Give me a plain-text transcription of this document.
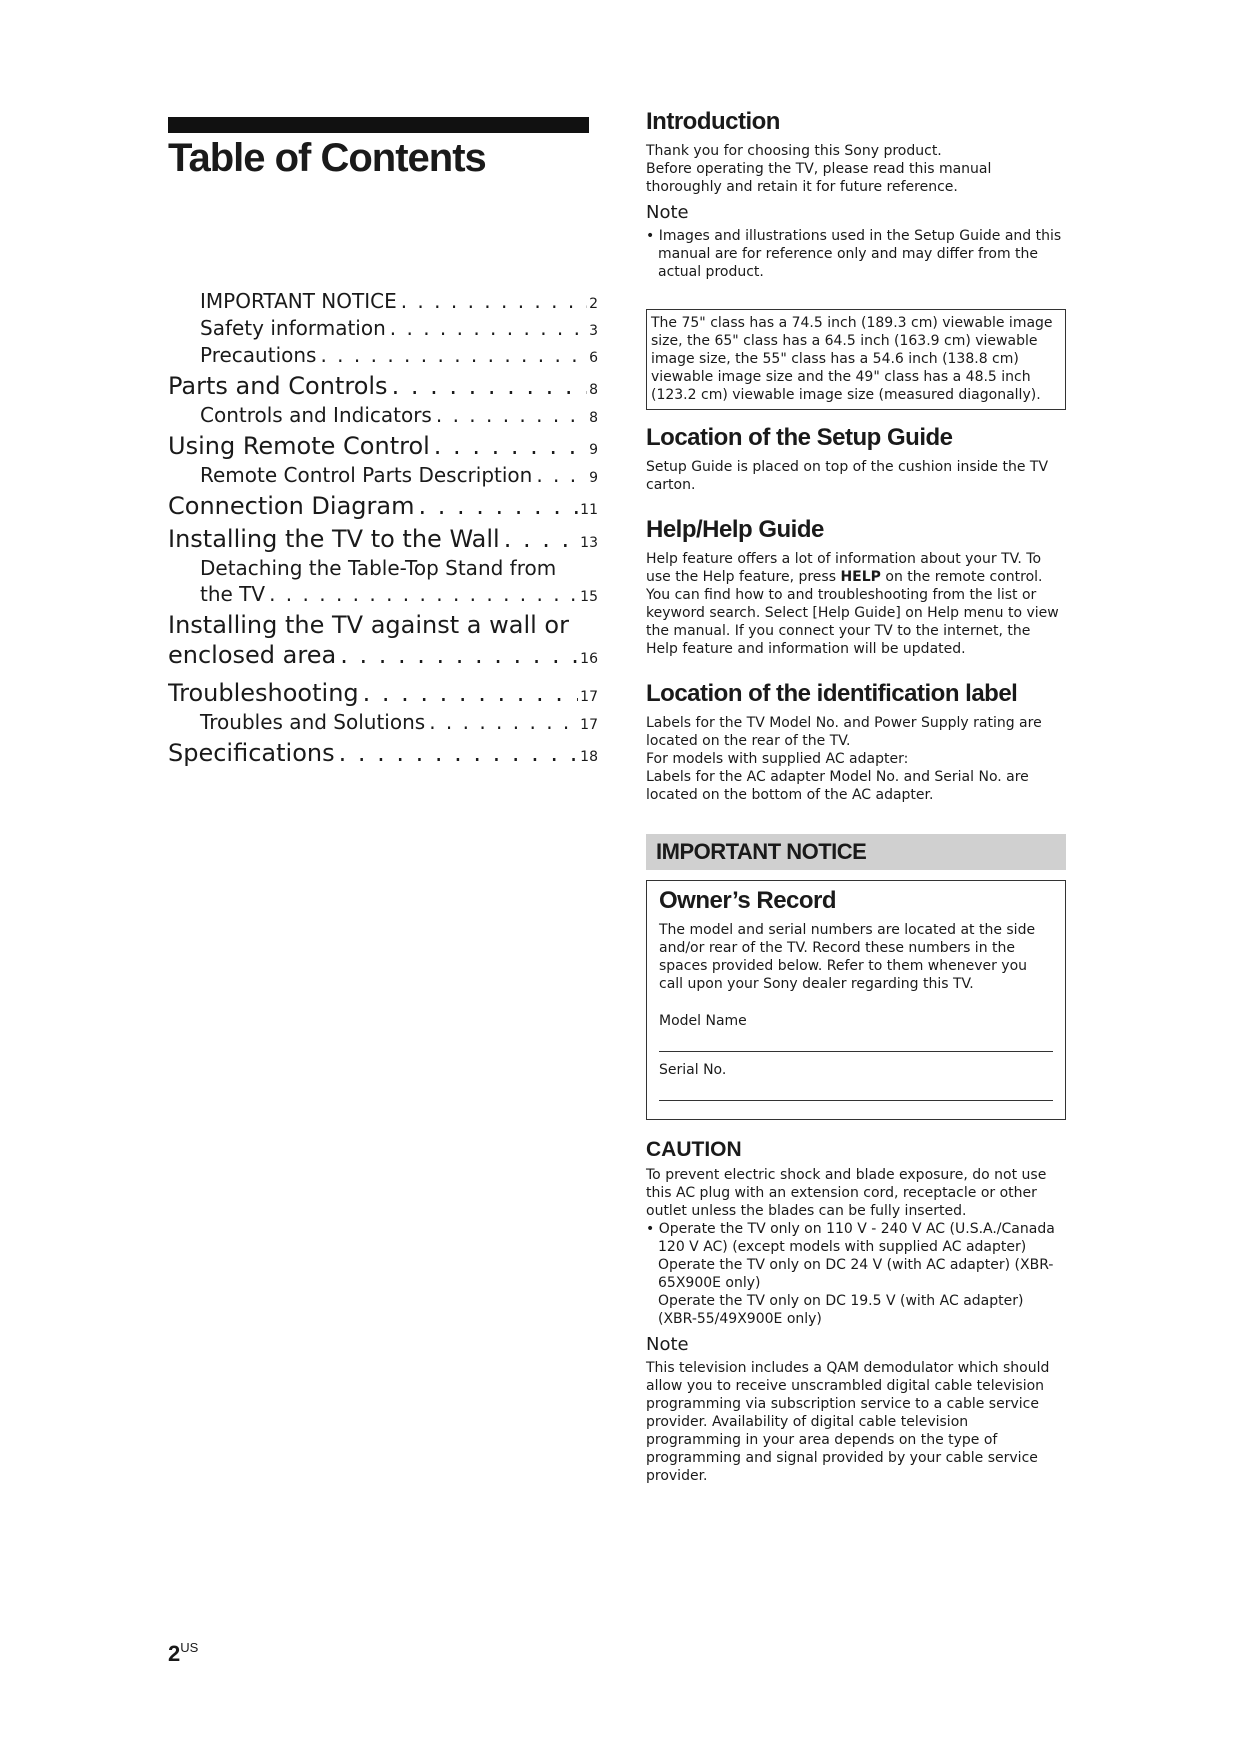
Table of Contents
IMPORTANT NOTICE . . .	2
Safety information . . .	3
Precautions . . .	6
Parts and Controls . . .	8
Controls and Indicators . . .	8
Using Remote Control . . .	9
Remote Control Parts Description . . .	9
Connection Diagram . . .	11
Installing the TV to the Wall . . .	13
Detaching the Table-Top Stand from
the TV . . .	15
Installing the TV against a wall or
enclosed area . . .	16
Troubleshooting . . .	17
Troubles and Solutions . . .	17
Specifications . . .	18
Introduction

Thank you for choosing this Sony product.

Before operating the TV, please read this manual thoroughly and retain it for future reference.

Note

• Images and illustrations used in the Setup Guide and this manual are for reference only and may differ from the actual product.

The 75" class has a 74.5 inch (189.3 cm) viewable image size, the 65" class has a 64.5 inch (163.9 cm) viewable image size, the 55" class has a 54.6 inch (138.8 cm) viewable image size and the 49" class has a 48.5 inch (123.2 cm) viewable image size (measured diagonally).
Location of the Setup Guide

Setup Guide is placed on top of the cushion inside the TV carton.

Help/Help Guide

Help feature offers a lot of information about your TV. To use the Help feature, press HELP on the remote control. You can find how to and troubleshooting from the list or keyword search. Select [Help Guide] on Help menu to view the manual. If you connect your TV to the internet, the Help feature and information will be updated.

Location of the identification label

Labels for the TV Model No. and Power Supply rating are located on the rear of the TV.

For models with supplied AC adapter:

Labels for the AC adapter Model No. and Serial No. are located on the bottom of the AC adapter.

IMPORTANT NOTICE
Owner’s Record

The model and serial numbers are located at the side and/or rear of the TV. Record these numbers in the spaces provided below. Refer to them whenever you call upon your Sony dealer regarding this TV.

Model Name

Serial No.

CAUTION

To prevent electric shock and blade exposure, do not use this AC plug with an extension cord, receptacle or other outlet unless the blades can be fully inserted.

• Operate the TV only on 110 V - 240 V AC (U.S.A./Canada 120 V AC) (except models with supplied AC adapter)

Operate the TV only on DC 24 V (with AC adapter) (XBR-65X900E only)

Operate the TV only on DC 19.5 V (with AC adapter) (XBR-55/49X900E only)

Note

This television includes a QAM demodulator which should allow you to receive unscrambled digital cable television programming via subscription service to a cable service provider. Availability of digital cable television programming in your area depends on the type of programming and signal provided by your cable service provider.

$2^{US}$
